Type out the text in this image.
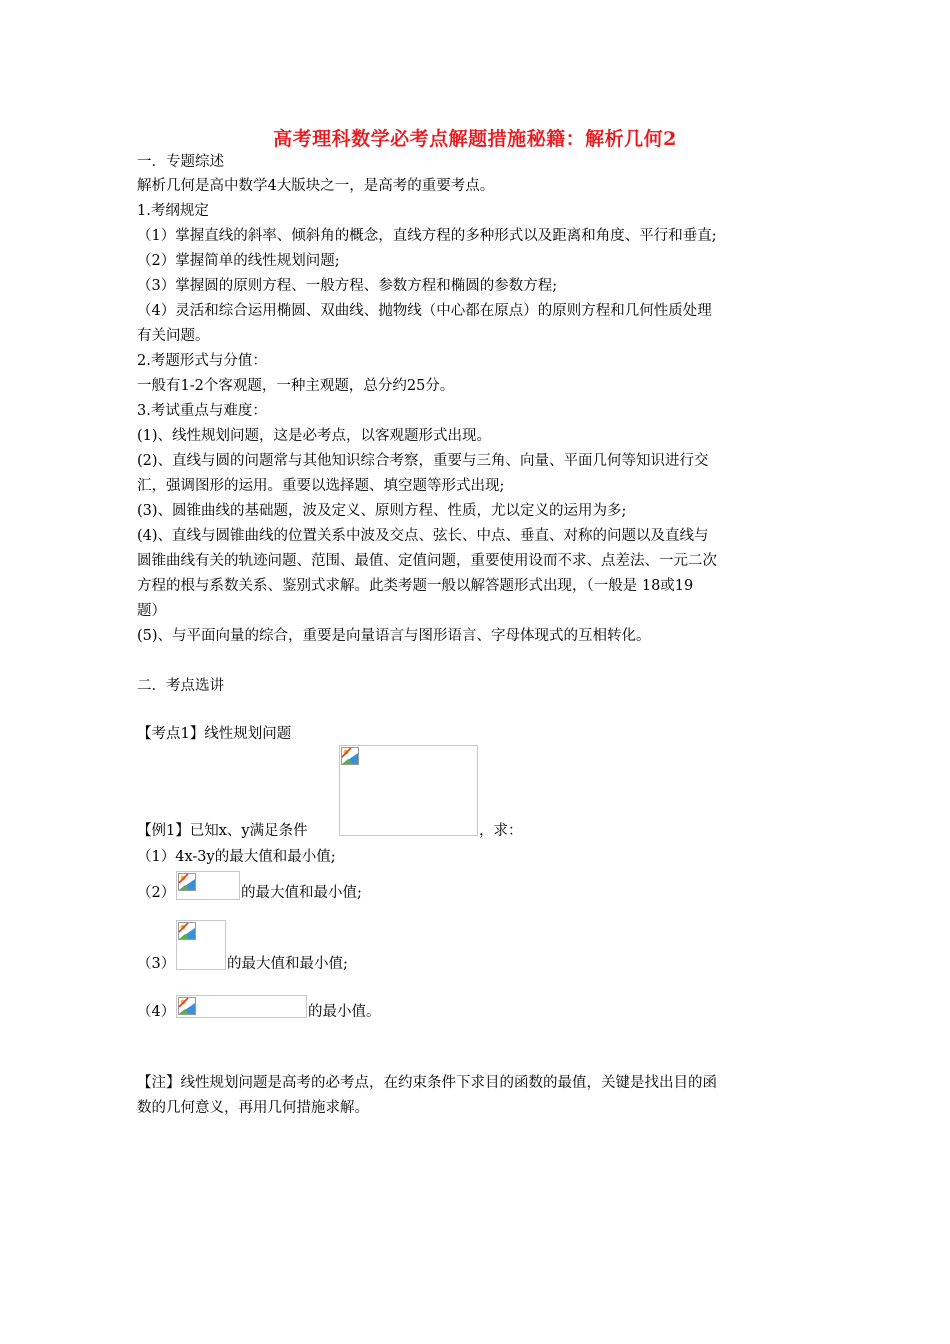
高考理科数学必考点解题措施秘籍：解析几何2
一．专题综述
解析几何是高中数学4大版块之一，是高考的重要考点。
1.考纲规定
（1）掌握直线的斜率、倾斜角的概念，直线方程的多种形式以及距离和角度、平行和垂直;
（2）掌握简单的线性规划问题;
（3）掌握圆的原则方程、一般方程、参数方程和椭圆的参数方程;
（4）灵活和综合运用椭圆、双曲线、抛物线（中心都在原点）的原则方程和几何性质处理
有关问题。
2.考题形式与分值：
一般有1-2个客观题，一种主观题，总分约25分。
3.考试重点与难度：
(1)、线性规划问题，这是必考点，以客观题形式出现。
(2)、直线与圆的问题常与其他知识综合考察，重要与三角、向量、平面几何等知识进行交
汇，强调图形的运用。重要以选择题、填空题等形式出现;
(3)、圆锥曲线的基础题，波及定义、原则方程、性质，尤以定义的运用为多;
(4)、直线与圆锥曲线的位置关系中波及交点、弦长、中点、垂直、对称的问题以及直线与
圆锥曲线有关的轨迹问题、范围、最值、定值问题，重要使用设而不求、点差法、一元二次
方程的根与系数关系、鉴别式求解。此类考题一般以解答题形式出现，（一般是 18或19
题）
(5)、与平面向量的综合，重要是向量语言与图形语言、字母体现式的互相转化。
二．考点选讲
【考点1】线性规划问题
【例1】已知x、y满足条件	，求：
（1）4x-3y的最大值和最小值;
（2）	的最大值和最小值;
（3）	的最大值和最小值;
（4）	的最小值。
【注】线性规划问题是高考的必考点，在约束条件下求目的函数的最值，关键是找出目的函
数的几何意义，再用几何措施求解。
